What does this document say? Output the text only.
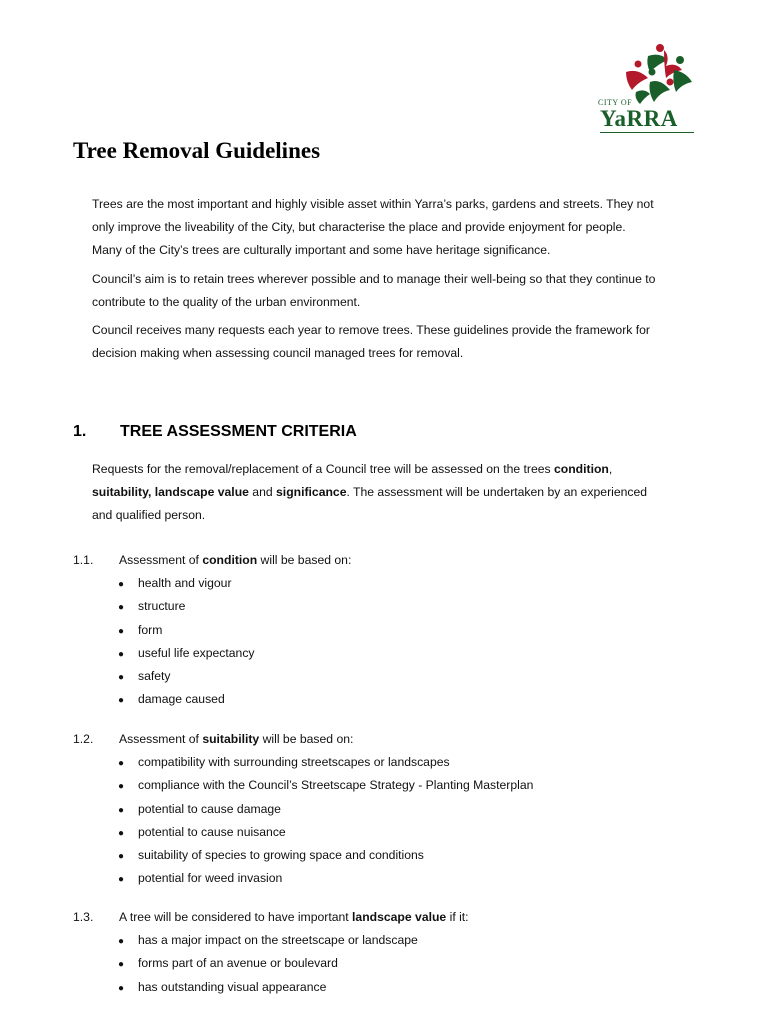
CITY OF
YaRRA
Tree Removal Guidelines

Trees are the most important and highly visible asset within Yarra’s parks, gardens and streets. They not

only improve the liveability of the City, but characterise the place and provide enjoyment for people.

Many of the City’s trees are culturally important and some have heritage significance.

Council’s aim is to retain trees wherever possible and to manage their well-being so that they continue to

contribute to the quality of the urban environment.

Council receives many requests each year to remove trees. These guidelines provide the framework for

decision making when assessing council managed trees for removal.

1. TREE ASSESSMENT CRITERIA

Requests for the removal/replacement of a Council tree will be assessed on the trees condition,

suitability, landscape value and significance. The assessment will be undertaken by an experienced

and qualified person.

1.1. Assessment of condition will be based on:
● health and vigour
● structure
● form
● useful life expectancy
● safety
● damage caused
1.2. Assessment of suitability will be based on:
● compatibility with surrounding streetscapes or landscapes
● compliance with the Council’s Streetscape Strategy - Planting Masterplan
● potential to cause damage
● potential to cause nuisance
● suitability of species to growing space and conditions
● potential for weed invasion
1.3. A tree will be considered to have important landscape value if it:
● has a major impact on the streetscape or landscape
● forms part of an avenue or boulevard
● has outstanding visual appearance
